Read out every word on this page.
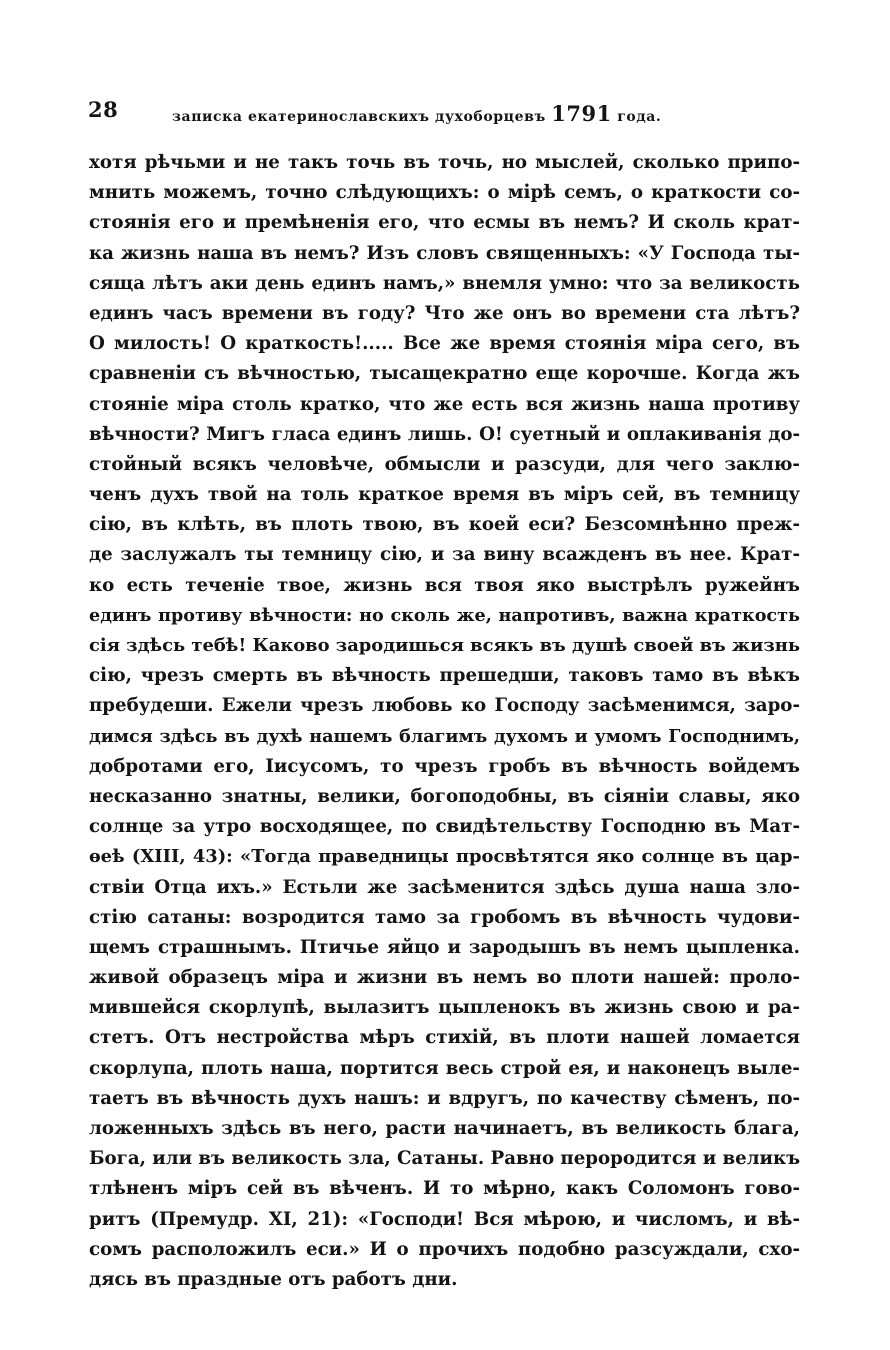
28	записка екатеринославскихъ духоборцевъ 1791 года.
хотя рѣчьми и не такъ точь въ точь, но мыслей, сколько припо-
мнить можемъ, точно слѣдующихъ: о мірѣ семъ, о краткости со-
стоянія его и премѣненія его, что есмы въ немъ? И сколь крат-
ка жизнь наша въ немъ? Изъ словъ священныхъ: «У Господа ты-
сяща лѣтъ аки день единъ намъ,» внемля умно: что за великость
единъ часъ времени въ году? Что же онъ во времени ста лѣтъ?
О милость! О краткость!..... Все же время стоянія міра сего, въ
сравненіи съ вѣчностью, тысащекратно еще корочше. Когда жъ
стояніе міра столь кратко, что же есть вся жизнь наша противу
вѣчности? Мигъ гласа единъ лишь. О! суетный и оплакиванія до-
стойный всякъ человѣче, обмысли и разсуди, для чего заклю-
ченъ духъ твой на толь краткое время въ міръ сей, въ темницу
сію, въ клѣть, въ плоть твою, въ коей еси? Безсомнѣнно преж-
де заслужалъ ты темницу сію, и за вину всажденъ въ нее. Крат-
ко есть теченіе твое, жизнь вся твоя яко выстрѣлъ ружейнъ
единъ противу вѣчности: но сколь же, напротивъ, важна краткость
сія здѣсь тебѣ! Каково зародишься всякъ въ душѣ своей въ жизнь
сію, чрезъ смерть въ вѣчность прешедши, таковъ тамо въ вѣкъ
пребудеши. Ежели чрезъ любовь ко Господу засѣменимся, заро-
димся здѣсь въ духѣ нашемъ благимъ духомъ и умомъ Господнимъ,
добротами его, Іисусомъ, то чрезъ гробъ въ вѣчность войдемъ
несказанно знатны, велики, богоподобны, въ сіяніи славы, яко
солнце за утро восходящее, по свидѣтельству Господню въ Мат-
ѳеѣ (XIII, 43): «Тогда праведницы просвѣтятся яко солнце въ цар-
ствіи Отца ихъ.» Естьли же засѣменится здѣсь душа наша зло-
стію сатаны: возродится тамо за гробомъ въ вѣчность чудови-
щемъ страшнымъ. Птичье яйцо и зародышъ въ немъ цыпленка.
живой образецъ міра и жизни въ немъ во плоти нашей: проло-
мившейся скорлупѣ, вылазитъ цыпленокъ въ жизнь свою и ра-
стетъ. Отъ нестройства мѣръ стихій, въ плоти нашей ломается
скорлупа, плоть наша, портится весь строй ея, и наконецъ выле-
таетъ въ вѣчность духъ нашъ: и вдругъ, по качеству сѣменъ, по-
ложенныхъ здѣсь въ него, расти начинаетъ, въ великость блага,
Бога, или въ великость зла, Сатаны. Равно перородится и великъ
тлѣненъ міръ сей въ вѣченъ. И то мѣрно, какъ Соломонъ гово-
ритъ (Премудр. XI, 21): «Господи! Вся мѣрою, и числомъ, и вѣ-
сомъ расположилъ еси.» И о прочихъ подобно разсуждали, схо-
дясь въ праздные отъ работъ дни.
